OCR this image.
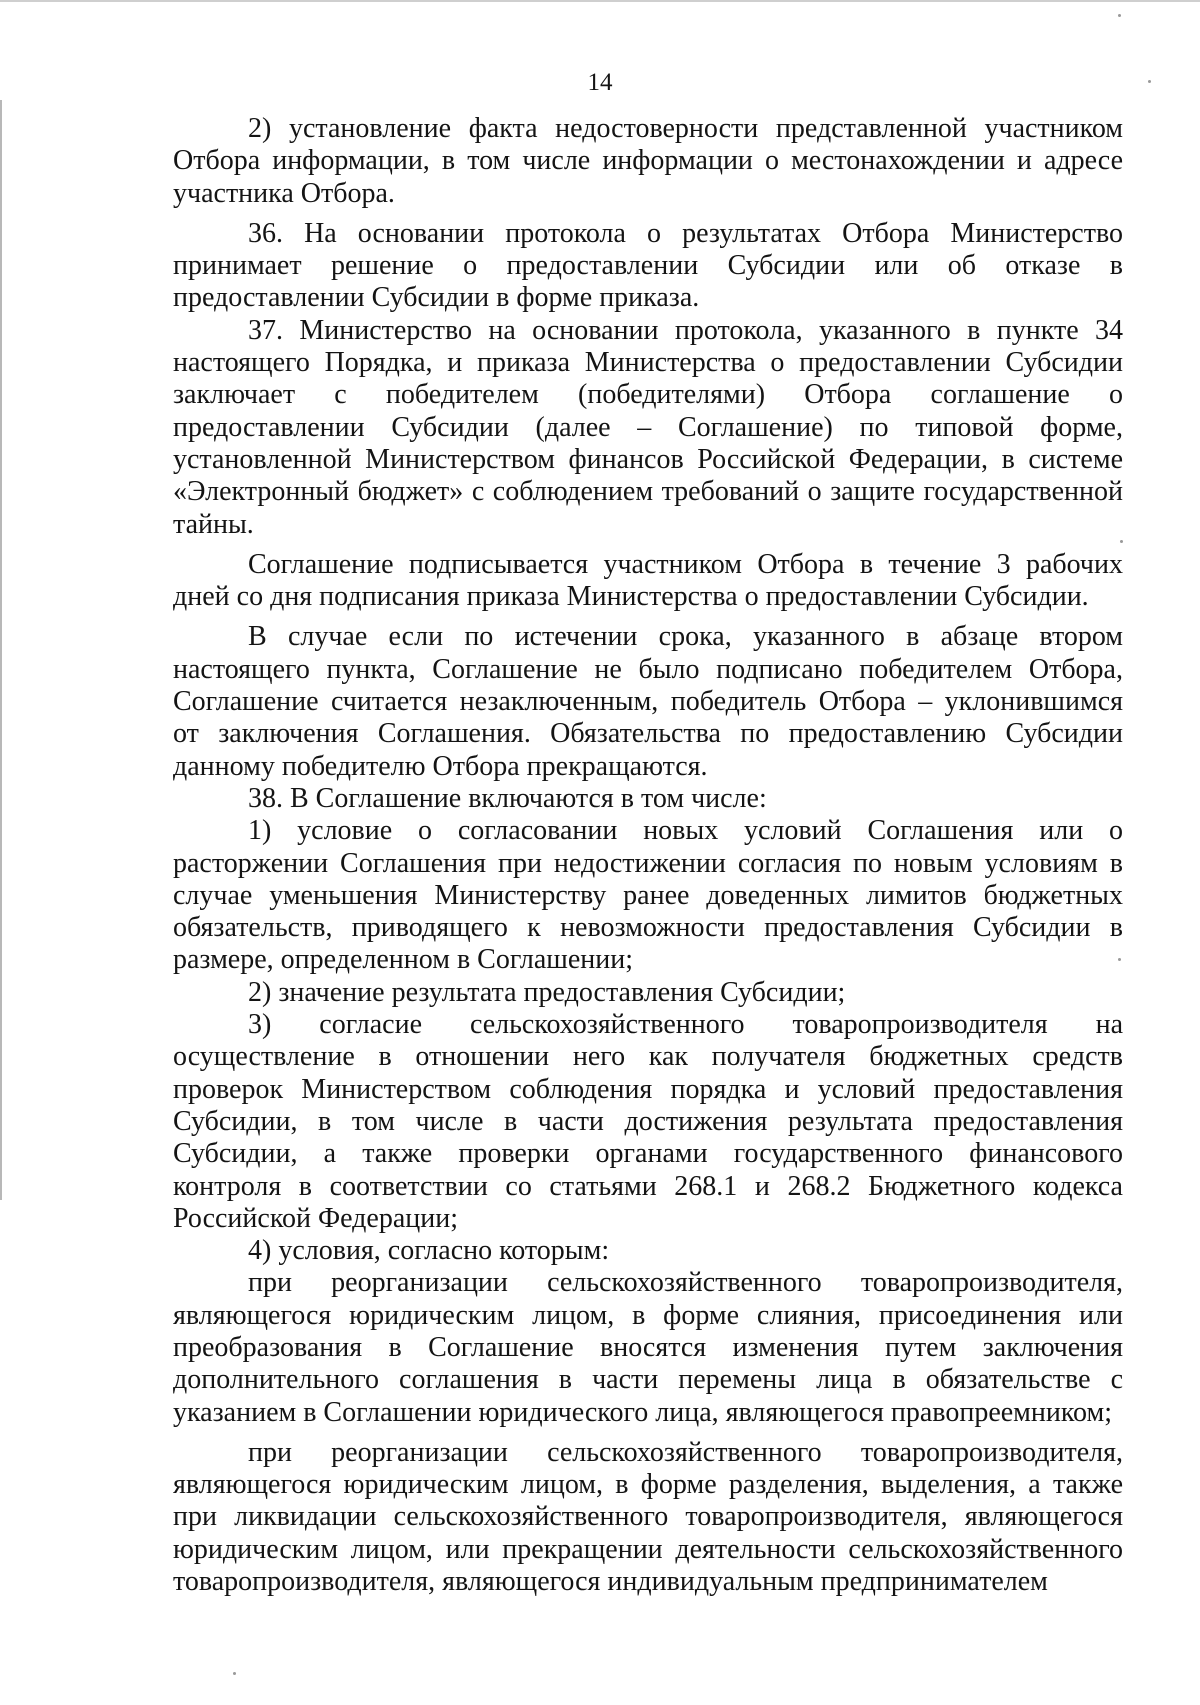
14

2) установление факта недостоверности представленной участником Отбора информации, в том числе информации о местонахождении и адресе участника Отбора.

36. На основании протокола о результатах Отбора Министерство принимает решение о предоставлении Субсидии или об отказе в предоставлении Субсидии в форме приказа.

37. Министерство на основании протокола, указанного в пункте 34 настоящего Порядка, и приказа Министерства о предоставлении Субсидии заключает с победителем (победителями) Отбора соглашение о предоставлении Субсидии (далее – Соглашение) по типовой форме, установленной Министерством финансов Российской Федерации, в системе «Электронный бюджет» с соблюдением требований о защите государственной тайны.

Соглашение подписывается участником Отбора в течение 3 рабочих дней со дня подписания приказа Министерства о предоставлении Субсидии.

В случае если по истечении срока, указанного в абзаце втором настоящего пункта, Соглашение не было подписано победителем Отбора, Соглашение считается незаключенным, победитель Отбора – уклонившимся от заключения Соглашения. Обязательства по предоставлению Субсидии данному победителю Отбора прекращаются.

38. В Соглашение включаются в том числе:

1) условие о согласовании новых условий Соглашения или о расторжении Соглашения при недостижении согласия по новым условиям в случае уменьшения Министерству ранее доведенных лимитов бюджетных обязательств, приводящего к невозможности предоставления Субсидии в размере, определенном в Соглашении;

2) значение результата предоставления Субсидии;

3) согласие сельскохозяйственного товаропроизводителя на осуществление в отношении него как получателя бюджетных средств проверок Министерством соблюдения порядка и условий предоставления Субсидии, в том числе в части достижения результата предоставления Субсидии, а также проверки органами государственного финансового контроля в соответствии со статьями 268.1 и 268.2 Бюджетного кодекса Российской Федерации;

4) условия, согласно которым:

при реорганизации сельскохозяйственного товаропроизводителя, являющегося юридическим лицом, в форме слияния, присоединения или преобразования в Соглашение вносятся изменения путем заключения дополнительного соглашения в части перемены лица в обязательстве с указанием в Соглашении юридического лица, являющегося правопреемником;

при реорганизации сельскохозяйственного товаропроизводителя, являющегося юридическим лицом, в форме разделения, выделения, а также при ликвидации сельскохозяйственного товаропроизводителя, являющегося юридическим лицом, или прекращении деятельности сельскохозяйственного товаропроизводителя, являющегося индивидуальным предпринимателем
